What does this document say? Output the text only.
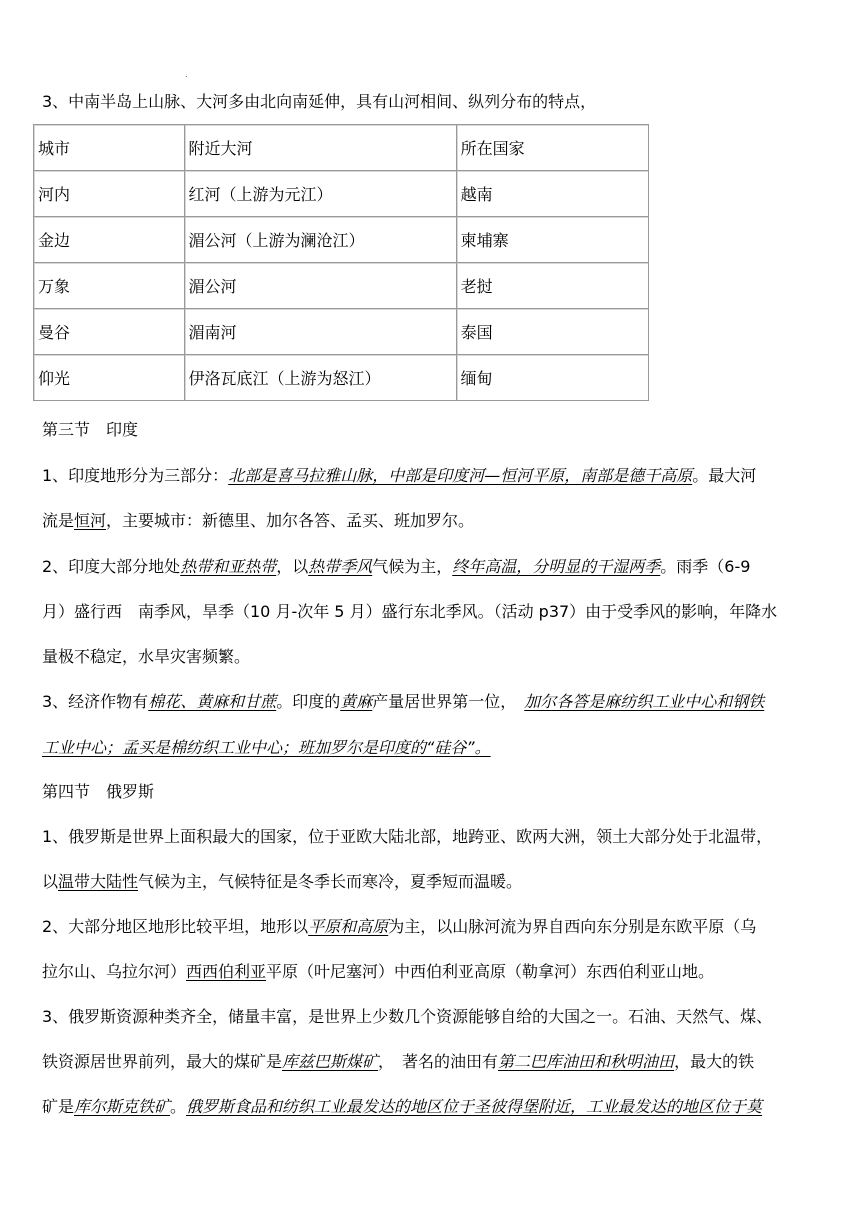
.
3、中南半岛上山脉、大河多由北向南延伸，具有山河相间、纵列分布的特点，
城市	附近大河	所在国家
河内	红河（上游为元江）	越南
金边	湄公河（上游为澜沧江）	柬埔寨
万象	湄公河	老挝
曼谷	湄南河	泰国
仰光	伊洛瓦底江（上游为怒江）	缅甸
第三节　印度
1、印度地形分为三部分：北部是喜马拉雅山脉，中部是印度河—恒河平原，南部是德干高原。最大河
流是恒河，主要城市：新德里、加尔各答、孟买、班加罗尔。
2、印度大部分地处热带和亚热带，以热带季风气候为主，终年高温，分明显的干湿两季。雨季（6-9
月）盛行西　南季风，旱季（10 月-次年 5 月）盛行东北季风。（活动 p37）由于受季风的影响，年降水
量极不稳定，水旱灾害频繁。
3、经济作物有棉花、黄麻和甘蔗。印度的黄麻产量居世界第一位，　加尔各答是麻纺织工业中心和钢铁
工业中心；孟买是棉纺织工业中心；班加罗尔是印度的“硅谷”。
第四节　俄罗斯
1、俄罗斯是世界上面积最大的国家，位于亚欧大陆北部，地跨亚、欧两大洲，领土大部分处于北温带，
以温带大陆性气候为主，气候特征是冬季长而寒冷，夏季短而温暖。
2、大部分地区地形比较平坦，地形以平原和高原为主，以山脉河流为界自西向东分别是东欧平原（乌
拉尔山、乌拉尔河）西西伯利亚平原（叶尼塞河）中西伯利亚高原（勒拿河）东西伯利亚山地。
3、俄罗斯资源种类齐全，储量丰富，是世界上少数几个资源能够自给的大国之一。石油、天然气、煤、
铁资源居世界前列，最大的煤矿是库兹巴斯煤矿，　著名的油田有第二巴库油田和秋明油田，最大的铁
矿是库尔斯克铁矿。俄罗斯食品和纺织工业最发达的地区位于圣彼得堡附近，工业最发达的地区位于莫
